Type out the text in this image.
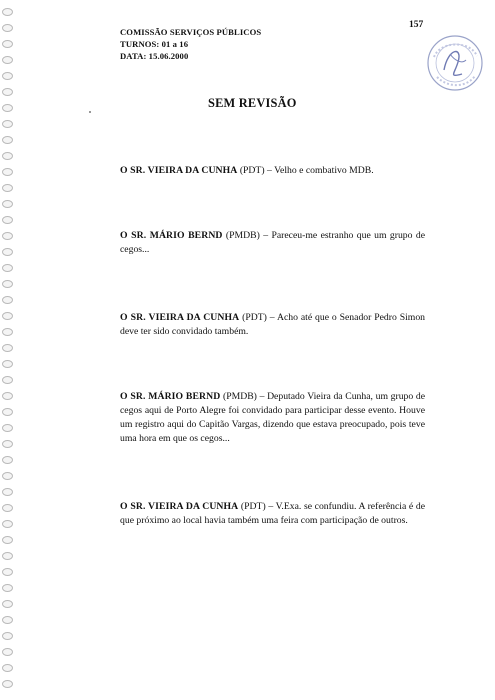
COMISSÃO SERVIÇOS PÚBLICOS
TURNOS: 01 a 16
DATA: 15.06.2000
157
SEM REVISÃO

O SR. VIEIRA DA CUNHA (PDT) – Velho e combativo MDB.

O SR. MÁRIO BERND (PMDB) – Pareceu-me estranho que um grupo de cegos...

O SR. VIEIRA DA CUNHA (PDT) – Acho até que o Senador Pedro Simon deve ter sido convidado também.

O SR. MÁRIO BERND (PMDB) – Deputado Vieira da Cunha, um grupo de cegos aqui de Porto Alegre foi convidado para participar desse evento. Houve um registro aqui do Capitão Vargas, dizendo que estava preocupado, pois teve uma hora em que os cegos...

O SR. VIEIRA DA CUNHA (PDT) – V.Exa. se confundiu. A referência é de que próximo ao local havia também uma feira com participação de outros.
